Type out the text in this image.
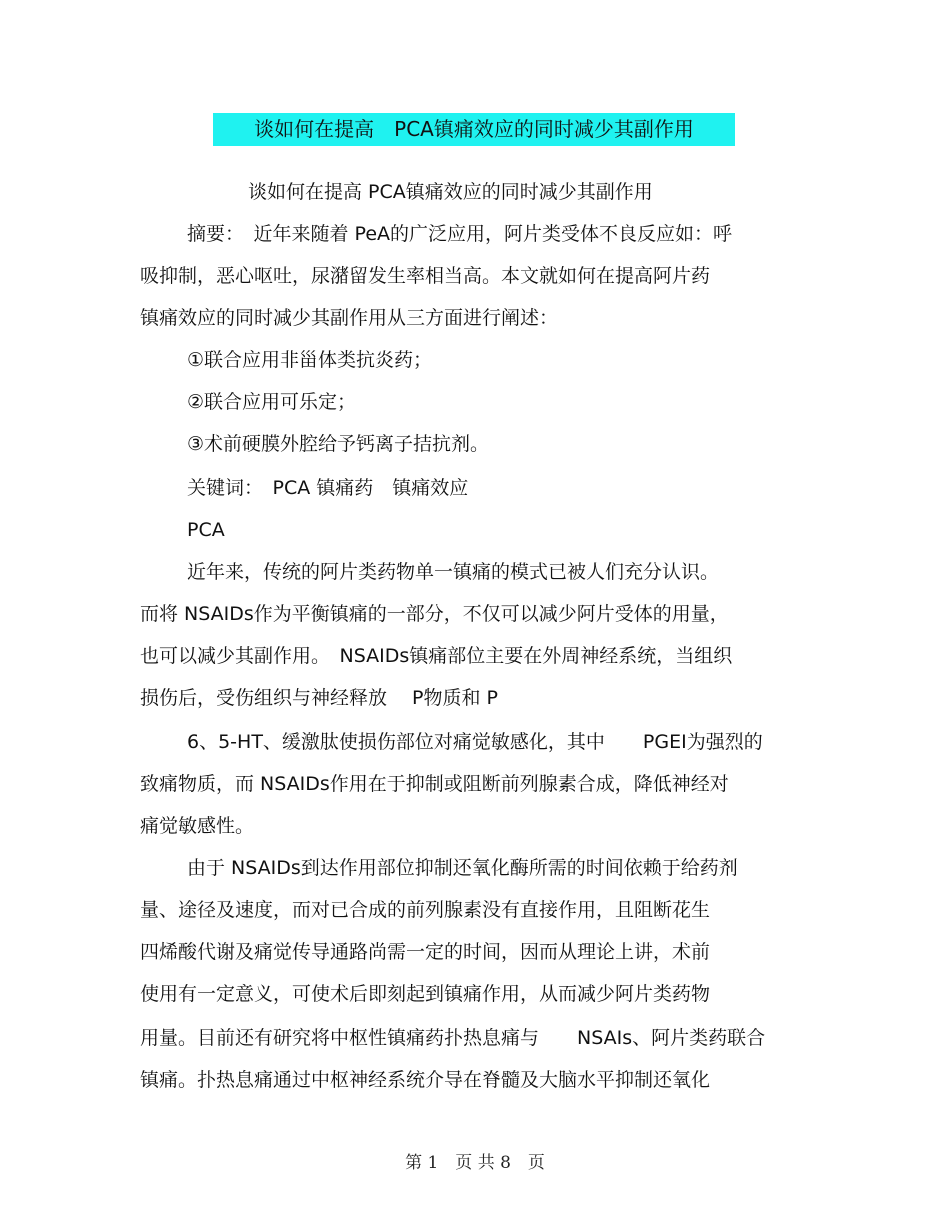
谈如何在提高　PCA镇痛效应的同时减少其副作用
谈如何在提高 PCA镇痛效应的同时减少其副作用
摘要：　近年来随着 PeA的广泛应用，阿片类受体不良反应如：呼
吸抑制，恶心呕吐，尿潴留发生率相当高。本文就如何在提高阿片药
镇痛效应的同时减少其副作用从三方面进行阐述：
①联合应用非甾体类抗炎药；
②联合应用可乐定；
③术前硬膜外腔给予钙离子拮抗剂。
关键词：　PCA 镇痛药　镇痛效应
PCA
近年来，传统的阿片类药物单一镇痛的模式已被人们充分认识。
而将 NSAIDs作为平衡镇痛的一部分，不仅可以减少阿片受体的用量，
也可以减少其副作用。　NSAIDs镇痛部位主要在外周神经系统，当组织
损伤后，受伤组织与神经释放　 P物质和 P
6、5-HT、缓激肽使损伤部位对痛觉敏感化，其中　　PGEI为强烈的
致痛物质，而 NSAIDs作用在于抑制或阻断前列腺素合成，降低神经对
痛觉敏感性。
由于 NSAIDs到达作用部位抑制还氧化酶所需的时间依赖于给药剂
量、途径及速度，而对已合成的前列腺素没有直接作用，且阻断花生
四烯酸代谢及痛觉传导通路尚需一定的时间，因而从理论上讲，术前
使用有一定意义，可使术后即刻起到镇痛作用，从而减少阿片类药物
用量。目前还有研究将中枢性镇痛药扑热息痛与　　NSAIs、阿片类药联合
镇痛。扑热息痛通过中枢神经系统介导在脊髓及大脑水平抑制还氧化
第 1　页 共 8　页
